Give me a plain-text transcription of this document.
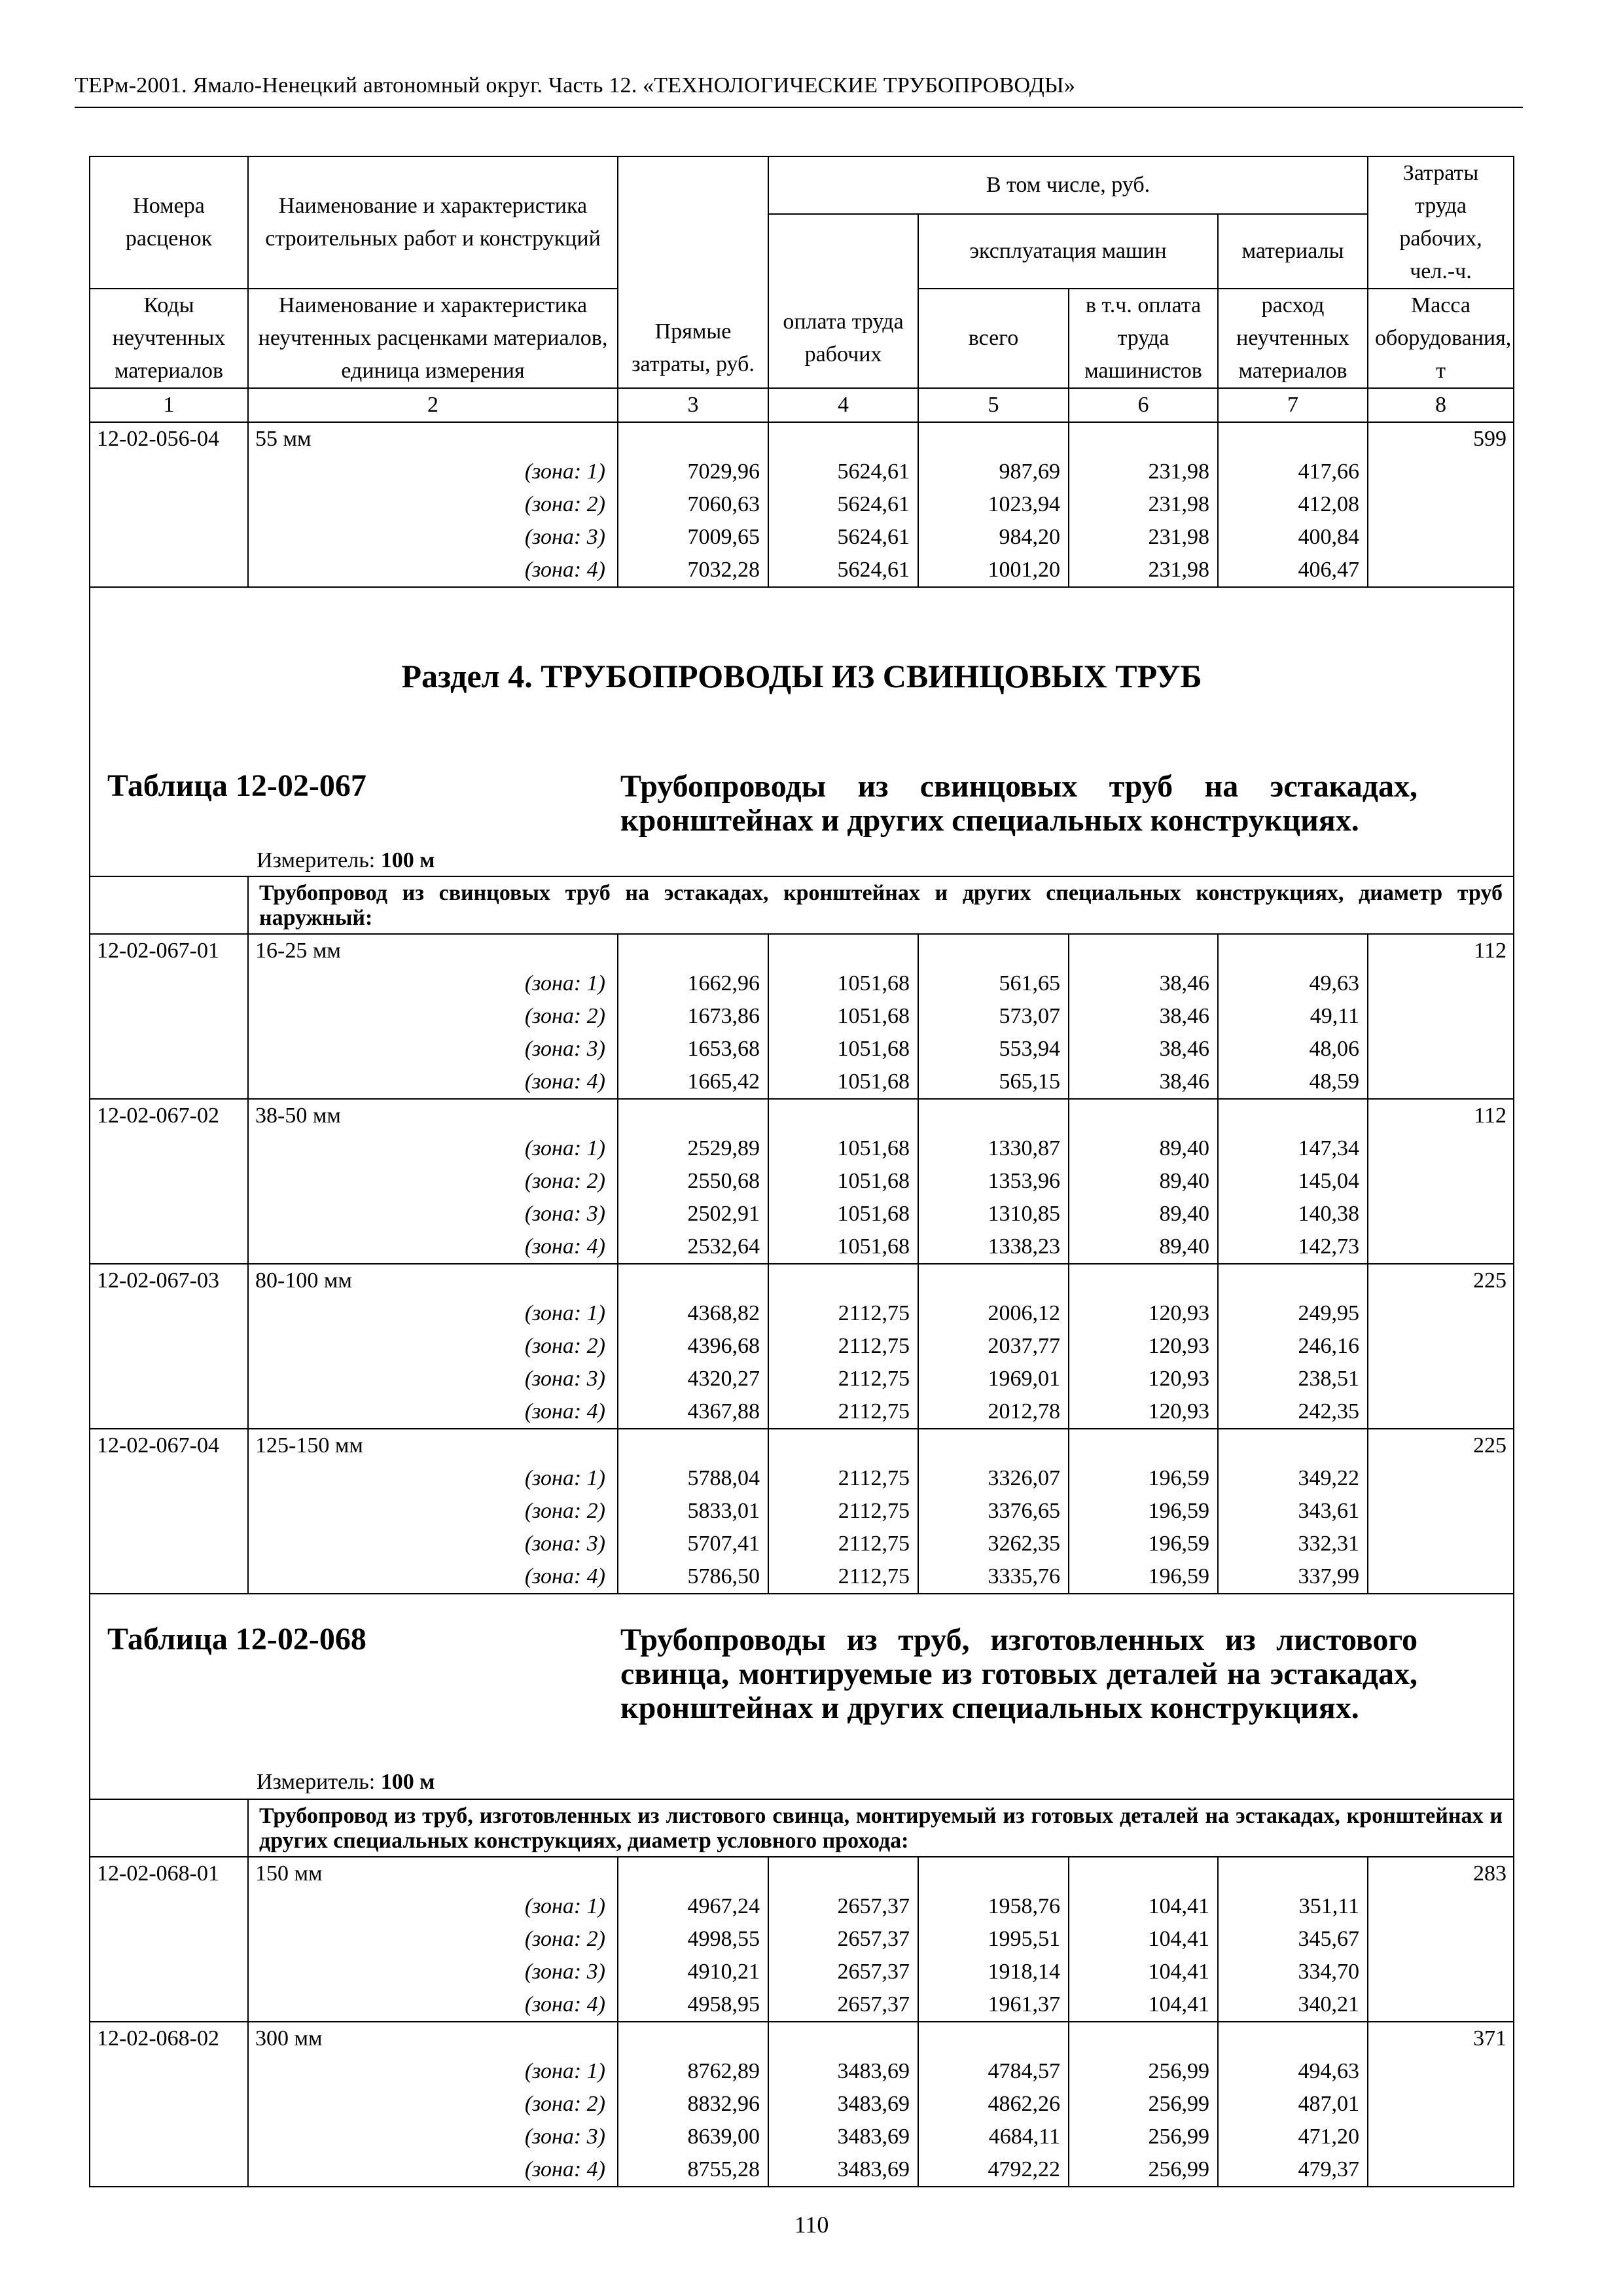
ТЕРм-2001. Ямало-Ненецкий автономный округ. Часть 12. «ТЕХНОЛОГИЧЕСКИЕ ТРУБОПРОВОДЫ»
Номера расценок	Наименование и характеристика строительных работ и конструкций	Прямые затраты, руб.	В том числе, руб.				Затраты труда рабочих, чел.-ч.
				эксплуатация машин		материалы	
Коды неучтенных материалов	Наименование и характеристика неучтенных расценками материалов, единица измерения		оплата труда рабочих	всего	в т.ч. оплата труда машинистов	расход неучтенных материалов	Масса оборудования, т
1	2	3	4	5	6	7	8
12-02-056-04	55 мм						599
	(зона: 1)	7029,96	5624,61	987,69	231,98	417,66	
	(зона: 2)	7060,63	5624,61	1023,94	231,98	412,08	
	(зона: 3)	7009,65	5624,61	984,20	231,98	400,84	
	(зона: 4)	7032,28	5624,61	1001,20	231,98	406,47	

Раздел 4. ТРУБОПРОВОДЫ ИЗ СВИНЦОВЫХ ТРУБ
Таблица 12-02-067 Трубопроводы из свинцовых труб на эстакадах, кронштейнах и других специальных конструкциях.
Измеритель: 100 м							

	Трубопровод из свинцовых труб на эстакадах, кронштейнах и других специальных конструкциях, диаметр труб наружный:						
12-02-067-01	16-25 мм						112
	(зона: 1)	1662,96	1051,68	561,65	38,46	49,63	
	(зона: 2)	1673,86	1051,68	573,07	38,46	49,11	
	(зона: 3)	1653,68	1051,68	553,94	38,46	48,06	
	(зона: 4)	1665,42	1051,68	565,15	38,46	48,59	
12-02-067-02	38-50 мм						112
	(зона: 1)	2529,89	1051,68	1330,87	89,40	147,34	
	(зона: 2)	2550,68	1051,68	1353,96	89,40	145,04	
	(зона: 3)	2502,91	1051,68	1310,85	89,40	140,38	
	(зона: 4)	2532,64	1051,68	1338,23	89,40	142,73	
12-02-067-03	80-100 мм						225
	(зона: 1)	4368,82	2112,75	2006,12	120,93	249,95	
	(зона: 2)	4396,68	2112,75	2037,77	120,93	246,16	
	(зона: 3)	4320,27	2112,75	1969,01	120,93	238,51	
	(зона: 4)	4367,88	2112,75	2012,78	120,93	242,35	
12-02-067-04	125-150 мм						225
	(зона: 1)	5788,04	2112,75	3326,07	196,59	349,22	
	(зона: 2)	5833,01	2112,75	3376,65	196,59	343,61	
	(зона: 3)	5707,41	2112,75	3262,35	196,59	332,31	
	(зона: 4)	5786,50	2112,75	3335,76	196,59	337,99	

Таблица 12-02-068 Трубопроводы из труб, изготовленных из листового свинца, монтируемые из готовых деталей на эстакадах, кронштейнах и других специальных конструкциях.
Измеритель: 100 м							

	Трубопровод из труб, изготовленных из листового свинца, монтируемый из готовых деталей на эстакадах, кронштейнах и других специальных конструкциях, диаметр условного прохода:						
12-02-068-01	150 мм						283
	(зона: 1)	4967,24	2657,37	1958,76	104,41	351,11	
	(зона: 2)	4998,55	2657,37	1995,51	104,41	345,67	
	(зона: 3)	4910,21	2657,37	1918,14	104,41	334,70	
	(зона: 4)	4958,95	2657,37	1961,37	104,41	340,21	
12-02-068-02	300 мм						371
	(зона: 1)	8762,89	3483,69	4784,57	256,99	494,63	
	(зона: 2)	8832,96	3483,69	4862,26	256,99	487,01	
	(зона: 3)	8639,00	3483,69	4684,11	256,99	471,20	
	(зона: 4)	8755,28	3483,69	4792,22	256,99	479,37	

110
